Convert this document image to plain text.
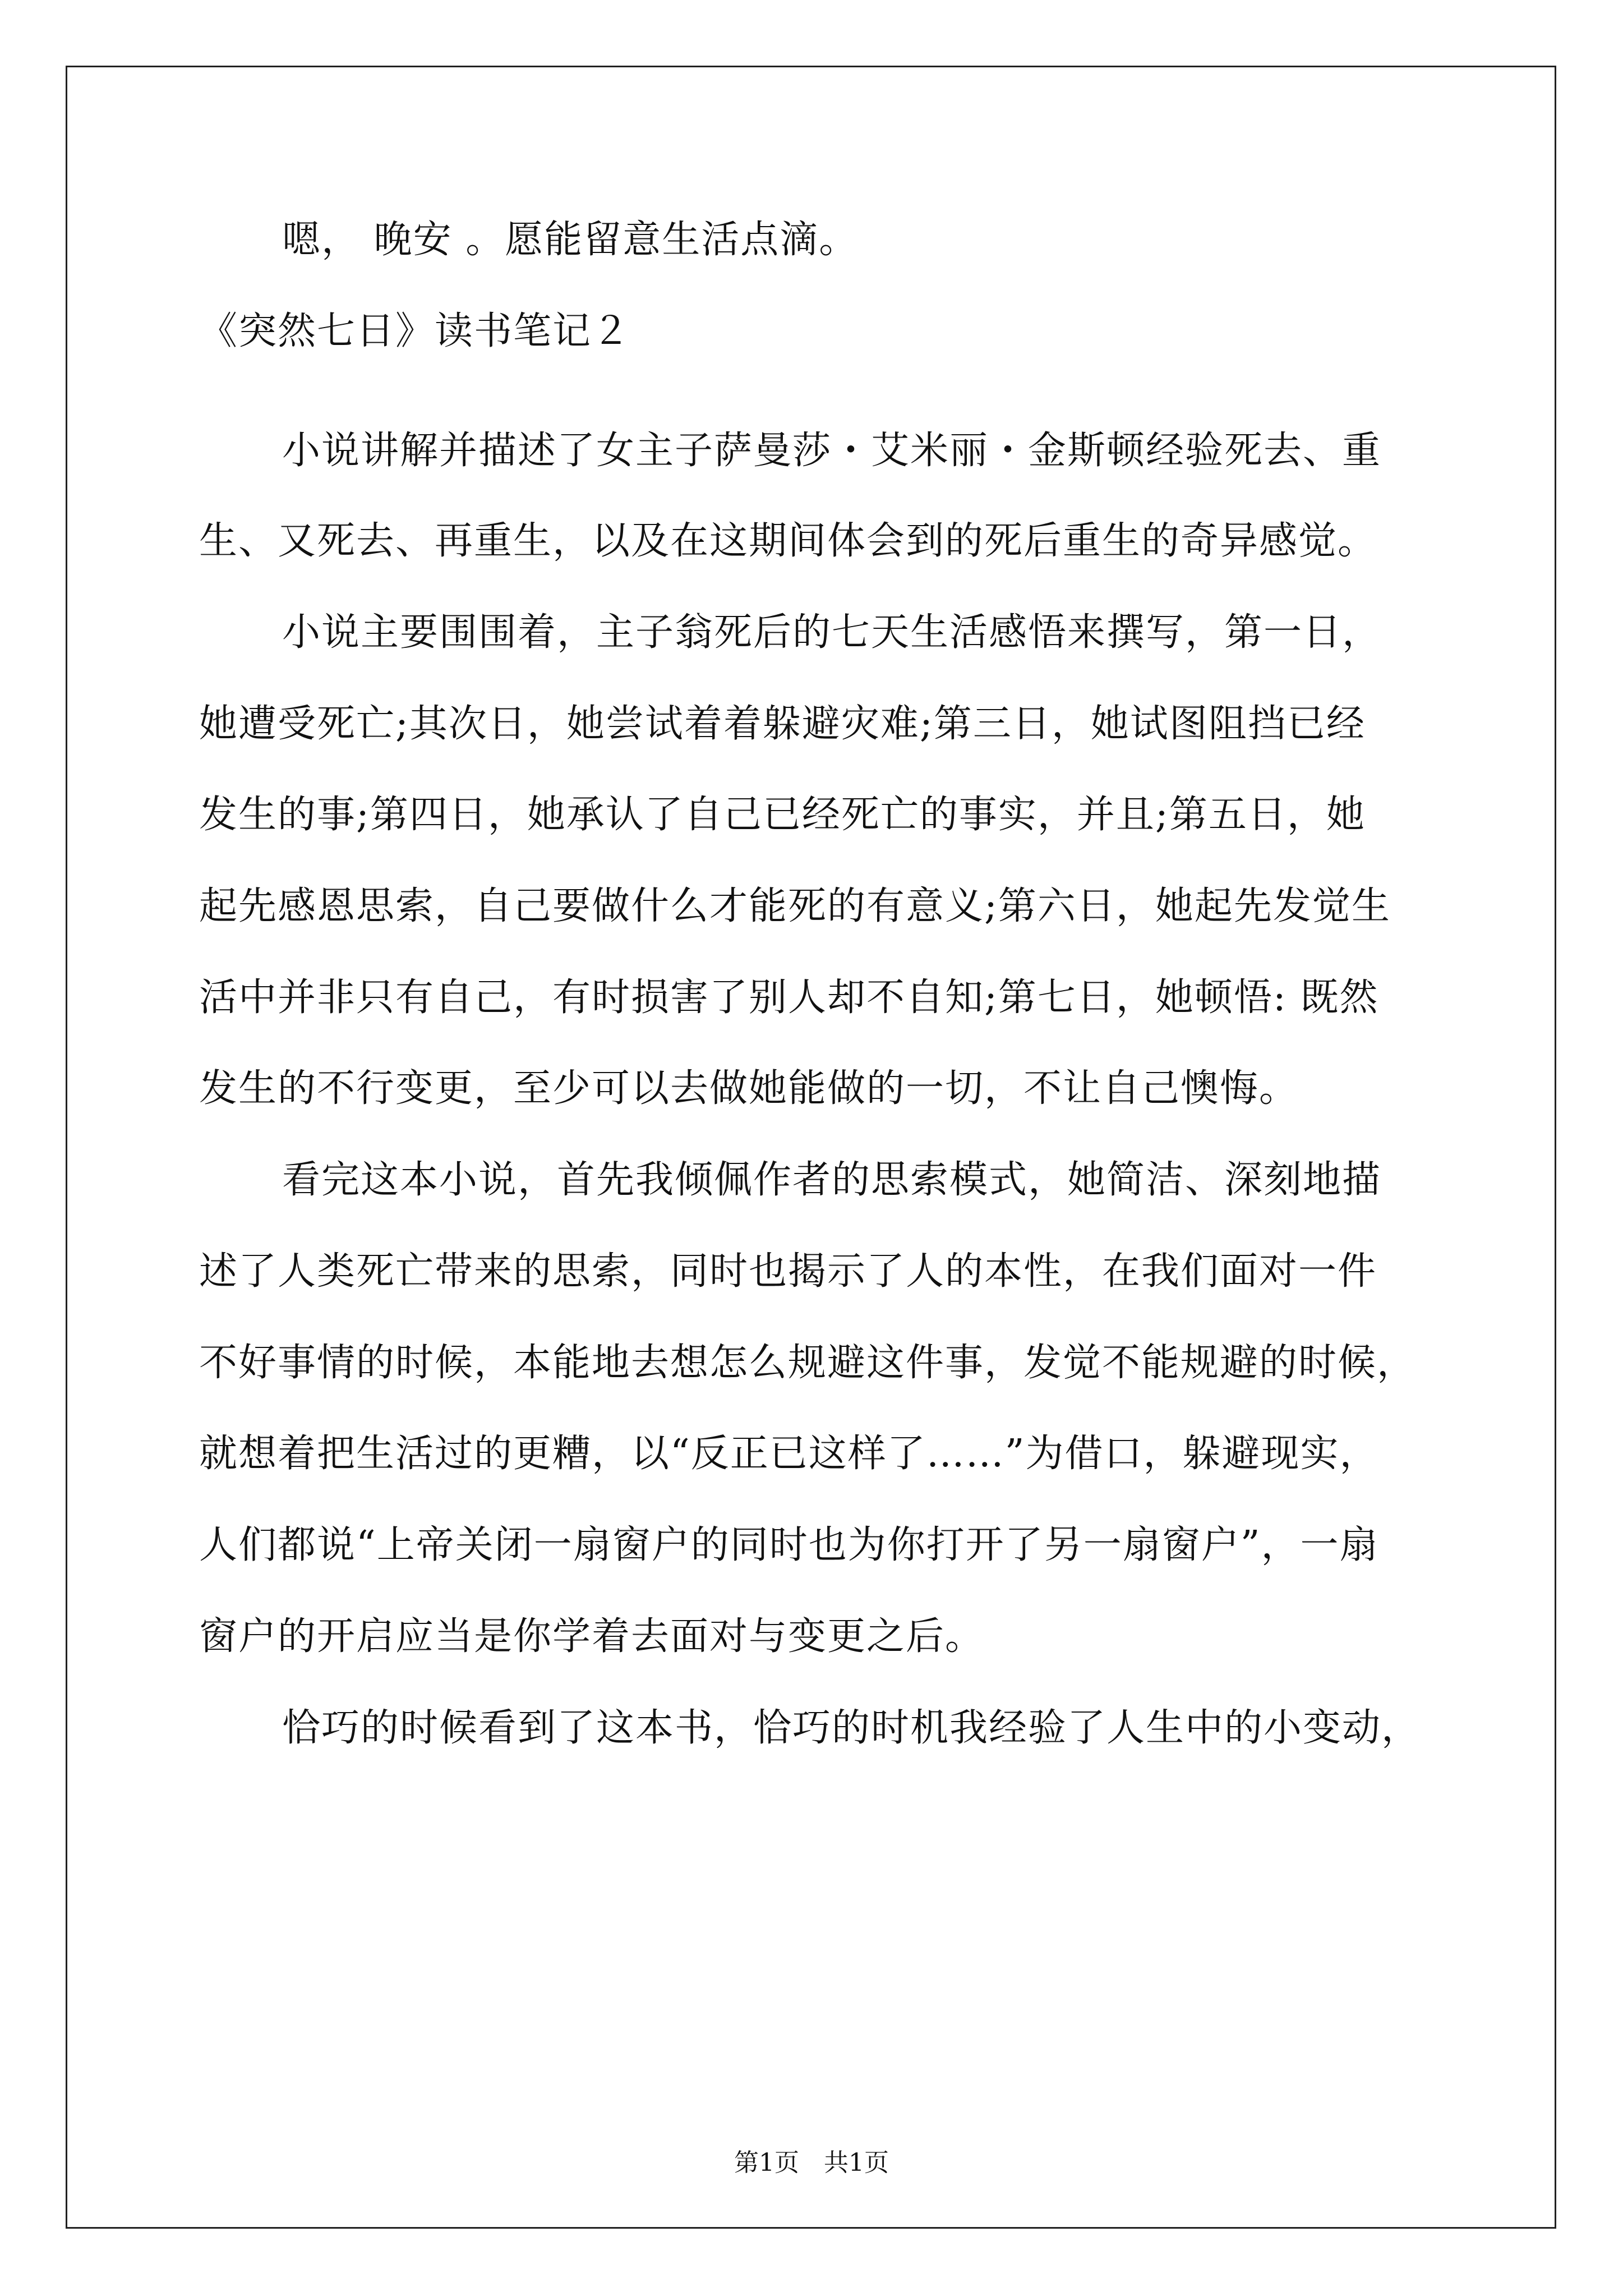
嗯， 晚安 。愿能留意生活点滴。
《突然七日》读书笔记２
小说讲解并描述了女主子萨曼莎・艾米丽・金斯顿经验死去、重
生、又死去、再重生，以及在这期间体会到的死后重生的奇异感觉。
小说主要围围着，主子翁死后的七天生活感悟来撰写，第一日，
她遭受死亡;其次日，她尝试着着躲避灾难;第三日，她试图阻挡已经
发生的事;第四日，她承认了自己已经死亡的事实，并且;第五日，她
起先感恩思索，自己要做什么才能死的有意义;第六日，她起先发觉生
活中并非只有自己，有时损害了别人却不自知;第七日，她顿悟: 既然
发生的不行变更，至少可以去做她能做的一切，不让自己懊悔。
看完这本小说，首先我倾佩作者的思索模式，她简洁、深刻地描
述了人类死亡带来的思索，同时也揭示了人的本性，在我们面对一件
不好事情的时候，本能地去想怎么规避这件事，发觉不能规避的时候，
就想着把生活过的更糟，以“反正已这样了……”为借口，躲避现实，
人们都说“上帝关闭一扇窗户的同时也为你打开了另一扇窗户”，一扇
窗户的开启应当是你学着去面对与变更之后。
恰巧的时候看到了这本书，恰巧的时机我经验了人生中的小变动，
第1页　共1页
